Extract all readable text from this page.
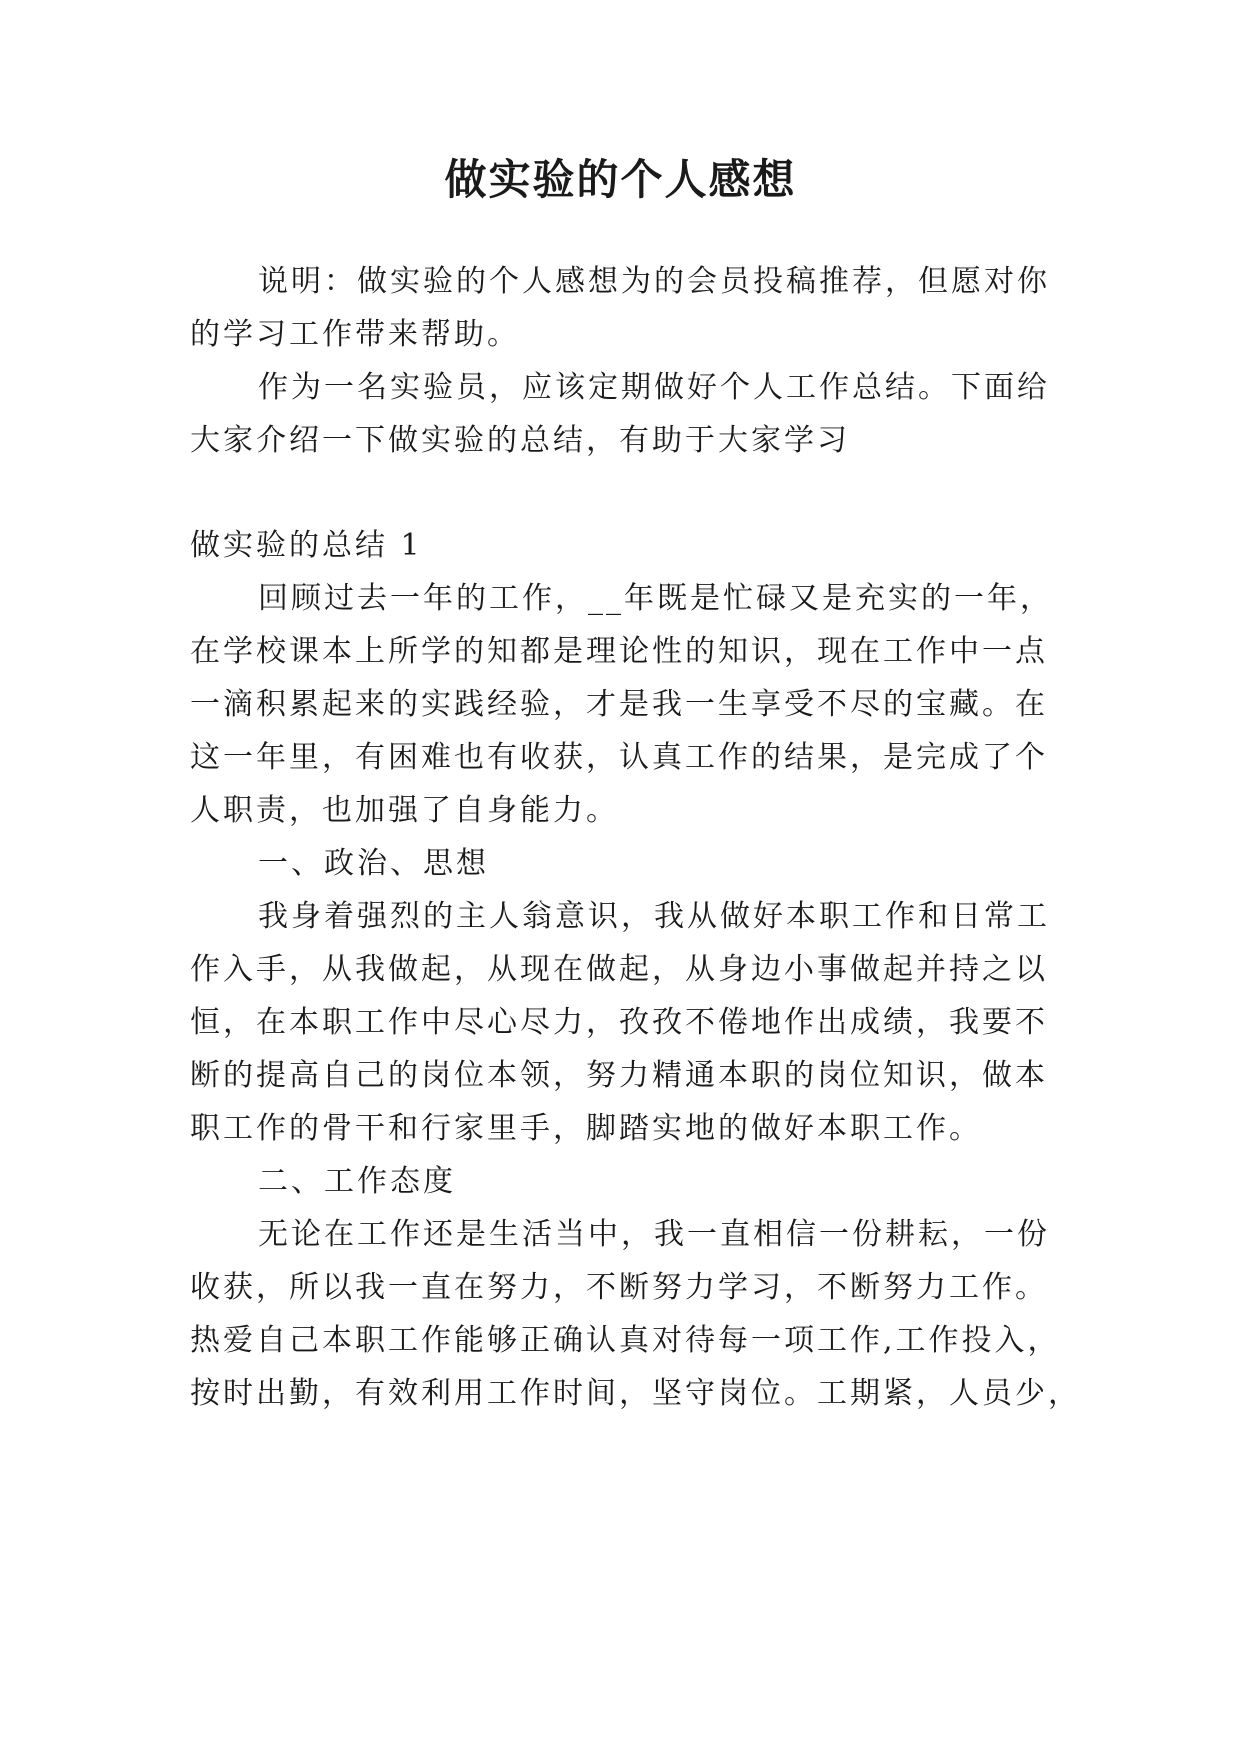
做实验的个人感想
说明：做实验的个人感想为的会员投稿推荐，但愿对你
的学习工作带来帮助。
作为一名实验员，应该定期做好个人工作总结。下面给
大家介绍一下做实验的总结，有助于大家学习
做实验的总结 1
回顾过去一年的工作，__年既是忙碌又是充实的一年，
在学校课本上所学的知都是理论性的知识，现在工作中一点
一滴积累起来的实践经验，才是我一生享受不尽的宝藏。在
这一年里，有困难也有收获，认真工作的结果，是完成了个
人职责，也加强了自身能力。
一、政治、思想
我身着强烈的主人翁意识，我从做好本职工作和日常工
作入手，从我做起，从现在做起，从身边小事做起并持之以
恒，在本职工作中尽心尽力，孜孜不倦地作出成绩，我要不
断的提高自己的岗位本领，努力精通本职的岗位知识，做本
职工作的骨干和行家里手，脚踏实地的做好本职工作。
二、工作态度
无论在工作还是生活当中，我一直相信一份耕耘，一份
收获，所以我一直在努力，不断努力学习，不断努力工作。
热爱自己本职工作能够正确认真对待每一项工作,工作投入，
按时出勤，有效利用工作时间，坚守岗位。工期紧，人员少，
